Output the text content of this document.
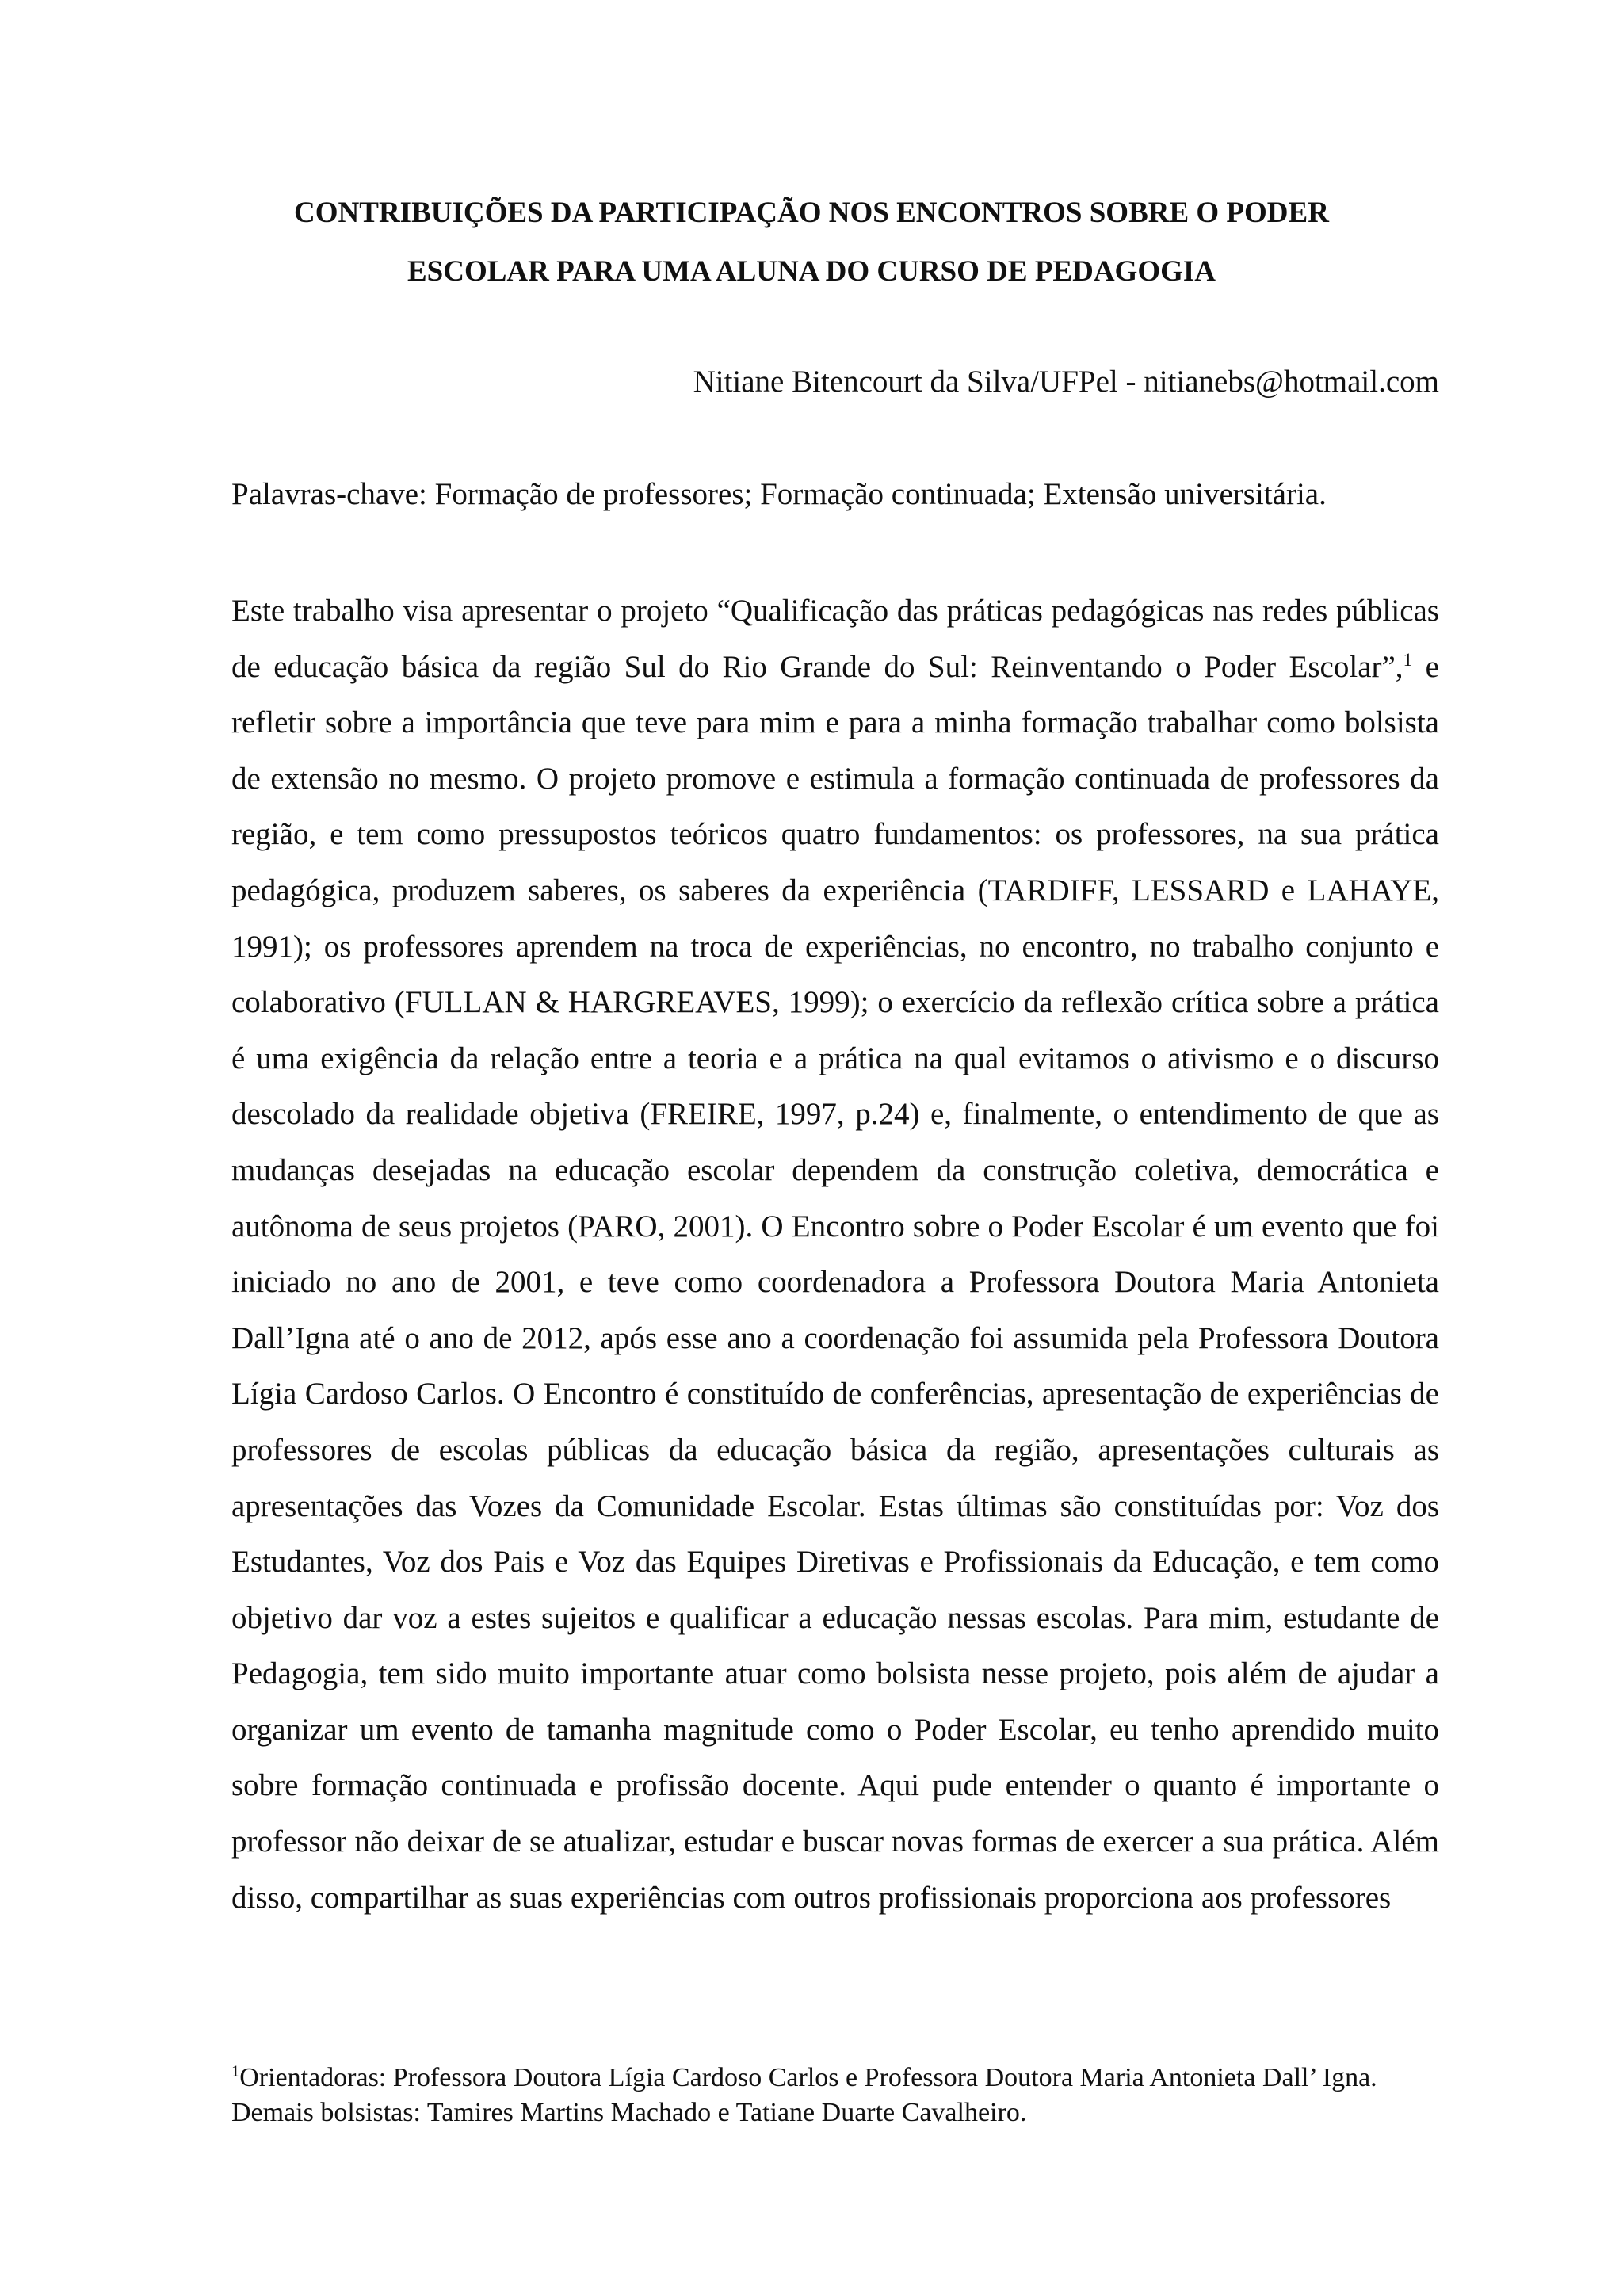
CONTRIBUIÇÕES DA PARTICIPAÇÃO NOS ENCONTROS SOBRE O PODER
ESCOLAR PARA UMA ALUNA DO CURSO DE PEDAGOGIA
Nitiane Bitencourt da Silva/UFPel - nitianebs@hotmail.com
Palavras-chave: Formação de professores; Formação continuada; Extensão universitária.

Este trabalho visa apresentar o projeto “Qualificação das práticas pedagógicas nas redes públicas de educação básica da região Sul do Rio Grande do Sul: Reinventando o Poder Escolar”,$^1$ e refletir sobre a importância que teve para mim e para a minha formação trabalhar como bolsista de extensão no mesmo. O projeto promove e estimula a formação continuada de professores da região, e tem como pressupostos teóricos quatro fundamentos: os professores, na sua prática pedagógica, produzem saberes, os saberes da experiência (TARDIFF, LESSARD e LAHAYE, 1991); os professores aprendem na troca de experiências, no encontro, no trabalho conjunto e colaborativo (FULLAN & HARGREAVES, 1999); o exercício da reflexão crítica sobre a prática é uma exigência da relação entre a teoria e a prática na qual evitamos o ativismo e o discurso descolado da realidade objetiva (FREIRE, 1997, p.24) e, finalmente, o entendimento de que as mudanças desejadas na educação escolar dependem da construção coletiva, democrática e autônoma de seus projetos (PARO, 2001). O Encontro sobre o Poder Escolar é um evento que foi iniciado no ano de 2001, e teve como coordenadora a Professora Doutora Maria Antonieta Dall’Igna até o ano de 2012, após esse ano a coordenação foi assumida pela Professora Doutora Lígia Cardoso Carlos. O Encontro é constituído de conferências, apresentação de experiências de professores de escolas públicas da educação básica da região, apresentações culturais as apresentações das Vozes da Comunidade Escolar. Estas últimas são constituídas por: Voz dos Estudantes, Voz dos Pais e Voz das Equipes Diretivas e Profissionais da Educação, e tem como objetivo dar voz a estes sujeitos e qualificar a educação nessas escolas. Para mim, estudante de Pedagogia, tem sido muito importante atuar como bolsista nesse projeto, pois além de ajudar a organizar um evento de tamanha magnitude como o Poder Escolar, eu tenho aprendido muito sobre formação continuada e profissão docente. Aqui pude entender o quanto é importante o professor não deixar de se atualizar, estudar e buscar novas formas de exercer a sua prática. Além disso, compartilhar as suas experiências com outros profissionais proporciona aos professores

$^1$Orientadoras: Professora Doutora Lígia Cardoso Carlos e Professora Doutora Maria Antonieta Dall’ Igna. Demais bolsistas: Tamires Martins Machado e Tatiane Duarte Cavalheiro.
